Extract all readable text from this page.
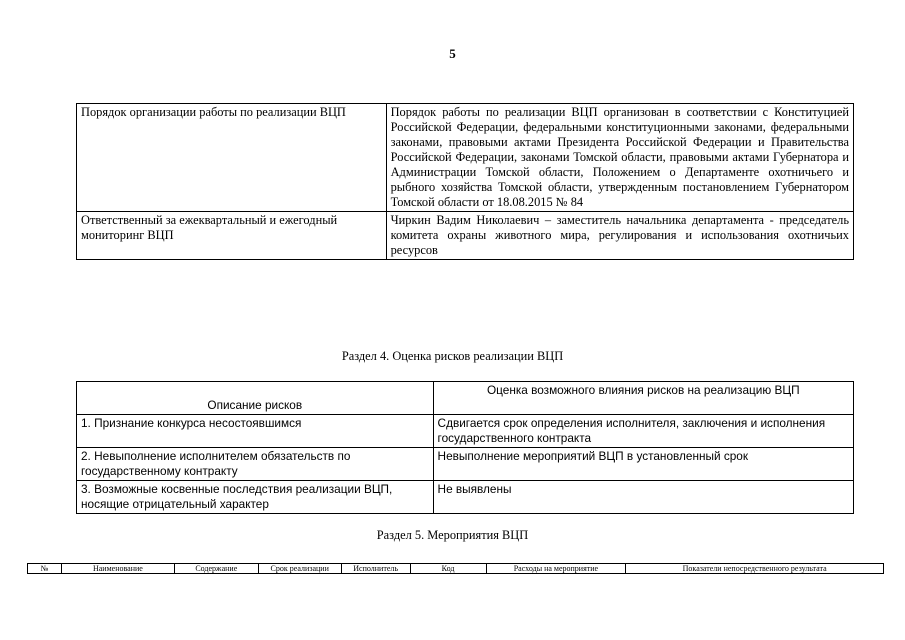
5
Порядок организации работы по реализации ВЦП	Порядок работы по реализации ВЦП организован в соответствии с Конституцией Российской Федерации, федеральными конституционными законами, федеральными законами, правовыми актами Президента Российской Федерации и Правительства Российской Федерации, законами Томской области, правовыми актами Губернатора и Администрации Томской области, Положением о Департаменте охотничьего и рыбного хозяйства Томской области, утвержденным постановлением Губернатором Томской области от 18.08.2015 № 84
Ответственный за ежеквартальный и ежегодный мониторинг ВЦП	Чиркин Вадим Николаевич – заместитель начальника департамента - председатель комитета охраны животного мира, регулирования и использования охотничьих ресурсов
Раздел 4. Оценка рисков реализации ВЦП
Описание рисков	Оценка возможного влияния рисков на реализацию ВЦП
1. Признание конкурса несостоявшимся	Сдвигается срок определения исполнителя, заключения и исполнения государственного контракта
2. Невыполнение исполнителем обязательств по государственному контракту	Невыполнение мероприятий ВЦП в установленный срок
3. Возможные косвенные последствия реализации ВЦП, носящие отрицательный характер	Не выявлены
Раздел 5. Мероприятия ВЦП
№	Наименование	Содержание	Срок реализации	Исполнитель	Код	Расходы на мероприятие	Показатели непосредственного результата
